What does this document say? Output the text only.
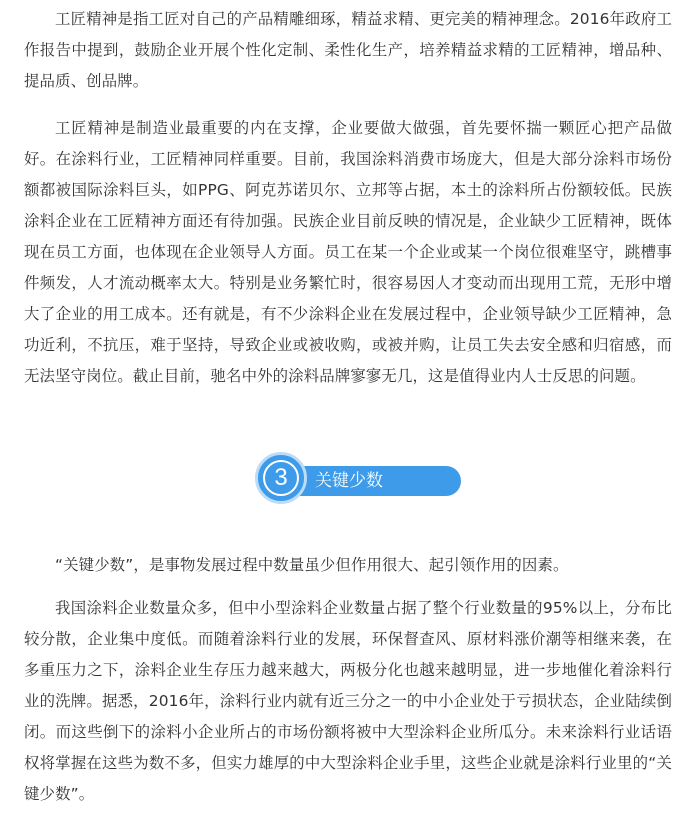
工匠精神是指工匠对自己的产品精雕细琢，精益求精、更完美的精神理念。2016年政府工作报告中提到，鼓励企业开展个性化定制、柔性化生产，培养精益求精的工匠精神，增品种、提品质、创品牌。

工匠精神是制造业最重要的内在支撑，企业要做大做强，首先要怀揣一颗匠心把产品做好。在涂料行业，工匠精神同样重要。目前，我国涂料消费市场庞大，但是大部分涂料市场份额都被国际涂料巨头，如PPG、阿克苏诺贝尔、立邦等占据，本土的涂料所占份额较低。民族涂料企业在工匠精神方面还有待加强。民族企业目前反映的情况是，企业缺少工匠精神，既体现在员工方面，也体现在企业领导人方面。员工在某一个企业或某一个岗位很难坚守，跳槽事件频发，人才流动概率太大。特别是业务繁忙时，很容易因人才变动而出现用工荒，无形中增大了企业的用工成本。还有就是，有不少涂料企业在发展过程中，企业领导缺少工匠精神，急功近利，不抗压，难于坚持，导致企业或被收购，或被并购，让员工失去安全感和归宿感，而无法坚守岗位。截止目前，驰名中外的涂料品牌寥寥无几，这是值得业内人士反思的问题。

3	关键少数

“关键少数”，是事物发展过程中数量虽少但作用很大、起引领作用的因素。

我国涂料企业数量众多，但中小型涂料企业数量占据了整个行业数量的95%以上，分布比较分散，企业集中度低。而随着涂料行业的发展，环保督查风、原材料涨价潮等相继来袭，在多重压力之下，涂料企业生存压力越来越大，两极分化也越来越明显，进一步地催化着涂料行业的洗牌。据悉，2016年，涂料行业内就有近三分之一的中小企业处于亏损状态，企业陆续倒闭。而这些倒下的涂料小企业所占的市场份额将被中大型涂料企业所瓜分。未来涂料行业话语权将掌握在这些为数不多，但实力雄厚的中大型涂料企业手里，这些企业就是涂料行业里的“关键少数”。
